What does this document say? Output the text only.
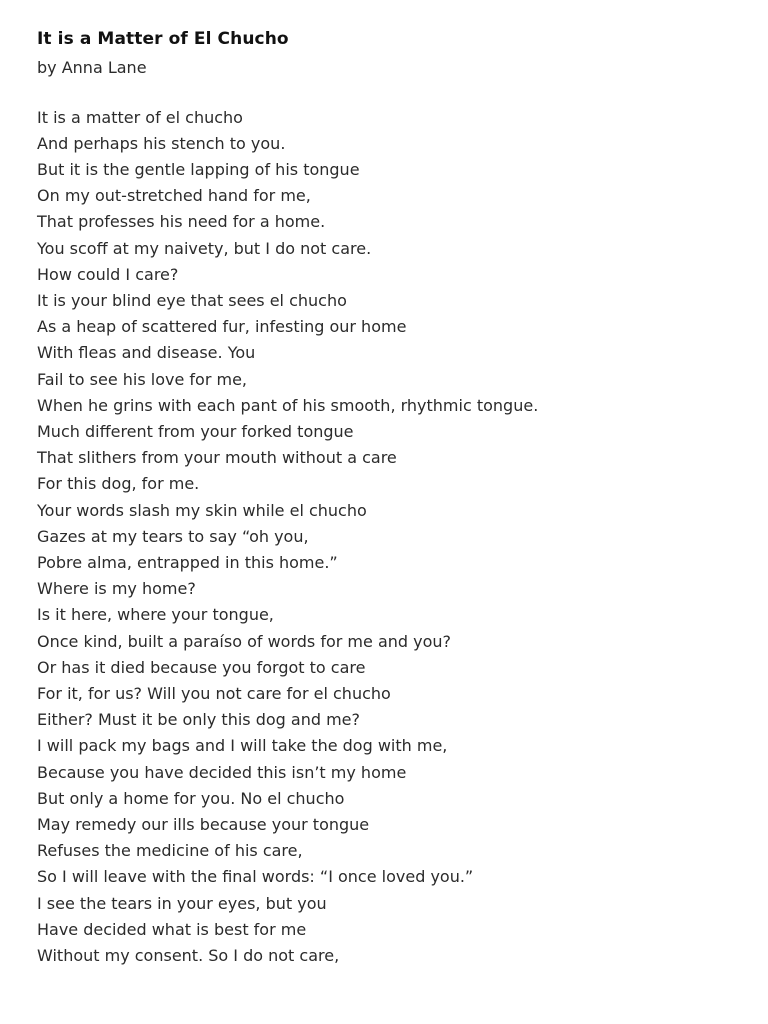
It is a Matter of El Chucho
by Anna Lane
It is a matter of el chucho
And perhaps his stench to you.
But it is the gentle lapping of his tongue
On my out-stretched hand for me,
That professes his need for a home.
You scoff at my naivety, but I do not care.
How could I care?
It is your blind eye that sees el chucho
As a heap of scattered fur, infesting our home
With fleas and disease. You
Fail to see his love for me,
When he grins with each pant of his smooth, rhythmic tongue.
Much different from your forked tongue
That slithers from your mouth without a care
For this dog, for me.
Your words slash my skin while el chucho
Gazes at my tears to say “oh you,
Pobre alma, entrapped in this home.”
Where is my home?
Is it here, where your tongue,
Once kind, built a paraíso of words for me and you?
Or has it died because you forgot to care
For it, for us? Will you not care for el chucho
Either? Must it be only this dog and me?
I will pack my bags and I will take the dog with me,
Because you have decided this isn’t my home
But only a home for you. No el chucho
May remedy our ills because your tongue
Refuses the medicine of his care,
So I will leave with the final words: “I once loved you.”
I see the tears in your eyes, but you
Have decided what is best for me
Without my consent. So I do not care,
